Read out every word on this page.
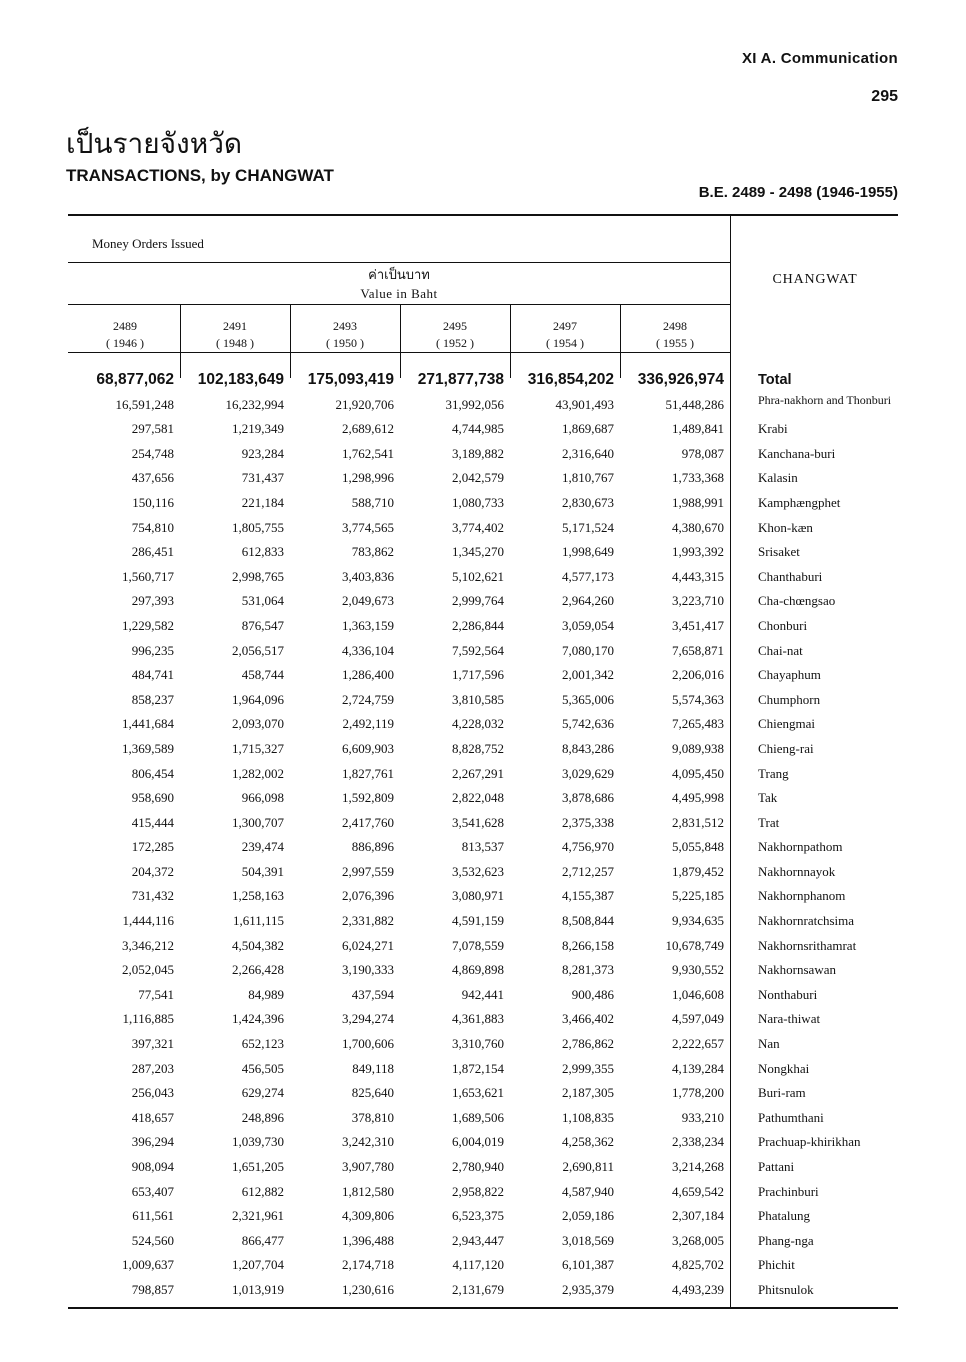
XI A. Communication
295
เป็นรายจังหวัด
TRANSACTIONS, by CHANGWAT
B.E. 2489 - 2498 (1946-1955)
Money Orders Issued
ค่าเป็นบาท
Value in Baht
CHANGWAT
2489
( 1946 )
2491
( 1948 )
2493
( 1950 )
2495
( 1952 )
2497
( 1954 )
2498
( 1955 )
68,877,062	102,183,649	175,093,419	271,877,738	316,854,202	336,926,974 Total
16,591,248	16,232,994	21,920,706	31,992,056	43,901,493	51,448,286	Phra-nakhorn and Thonburi
297,581	1,219,349	2,689,612	4,744,985	1,869,687	1,489,841	Krabi
254,748	923,284	1,762,541	3,189,882	2,316,640	978,087	Kanchana-buri
437,656	731,437	1,298,996	2,042,579	1,810,767	1,733,368	Kalasin
150,116	221,184	588,710	1,080,733	2,830,673	1,988,991	Kamphængphet
754,810	1,805,755	3,774,565	3,774,402	5,171,524	4,380,670	Khon-kæn
286,451	612,833	783,862	1,345,270	1,998,649	1,993,392	Srisaket
1,560,717	2,998,765	3,403,836	5,102,621	4,577,173	4,443,315	Chanthaburi
297,393	531,064	2,049,673	2,999,764	2,964,260	3,223,710	Cha-chœngsao
1,229,582	876,547	1,363,159	2,286,844	3,059,054	3,451,417	Chonburi
996,235	2,056,517	4,336,104	7,592,564	7,080,170	7,658,871	Chai-nat
484,741	458,744	1,286,400	1,717,596	2,001,342	2,206,016	Chayaphum
858,237	1,964,096	2,724,759	3,810,585	5,365,006	5,574,363	Chumphorn
1,441,684	2,093,070	2,492,119	4,228,032	5,742,636	7,265,483	Chiengmai
1,369,589	1,715,327	6,609,903	8,828,752	8,843,286	9,089,938	Chieng-rai
806,454	1,282,002	1,827,761	2,267,291	3,029,629	4,095,450	Trang
958,690	966,098	1,592,809	2,822,048	3,878,686	4,495,998	Tak
415,444	1,300,707	2,417,760	3,541,628	2,375,338	2,831,512	Trat
172,285	239,474	886,896	813,537	4,756,970	5,055,848	Nakhornpathom
204,372	504,391	2,997,559	3,532,623	2,712,257	1,879,452	Nakhornnayok
731,432	1,258,163	2,076,396	3,080,971	4,155,387	5,225,185	Nakhornphanom
1,444,116	1,611,115	2,331,882	4,591,159	8,508,844	9,934,635	Nakhornratchsima
3,346,212	4,504,382	6,024,271	7,078,559	8,266,158	10,678,749	Nakhornsrithamrat
2,052,045	2,266,428	3,190,333	4,869,898	8,281,373	9,930,552	Nakhornsawan
77,541	84,989	437,594	942,441	900,486	1,046,608	Nonthaburi
1,116,885	1,424,396	3,294,274	4,361,883	3,466,402	4,597,049	Nara-thiwat
397,321	652,123	1,700,606	3,310,760	2,786,862	2,222,657	Nan
287,203	456,505	849,118	1,872,154	2,999,355	4,139,284	Nongkhai
256,043	629,274	825,640	1,653,621	2,187,305	1,778,200	Buri-ram
418,657	248,896	378,810	1,689,506	1,108,835	933,210	Pathumthani
396,294	1,039,730	3,242,310	6,004,019	4,258,362	2,338,234	Prachuap-khirikhan
908,094	1,651,205	3,907,780	2,780,940	2,690,811	3,214,268	Pattani
653,407	612,882	1,812,580	2,958,822	4,587,940	4,659,542	Prachinburi
611,561	2,321,961	4,309,806	6,523,375	2,059,186	2,307,184	Phatalung
524,560	866,477	1,396,488	2,943,447	3,018,569	3,268,005	Phang-nga
1,009,637	1,207,704	2,174,718	4,117,120	6,101,387	4,825,702	Phichit
798,857	1,013,919	1,230,616	2,131,679	2,935,379	4,493,239	Phitsnulok
